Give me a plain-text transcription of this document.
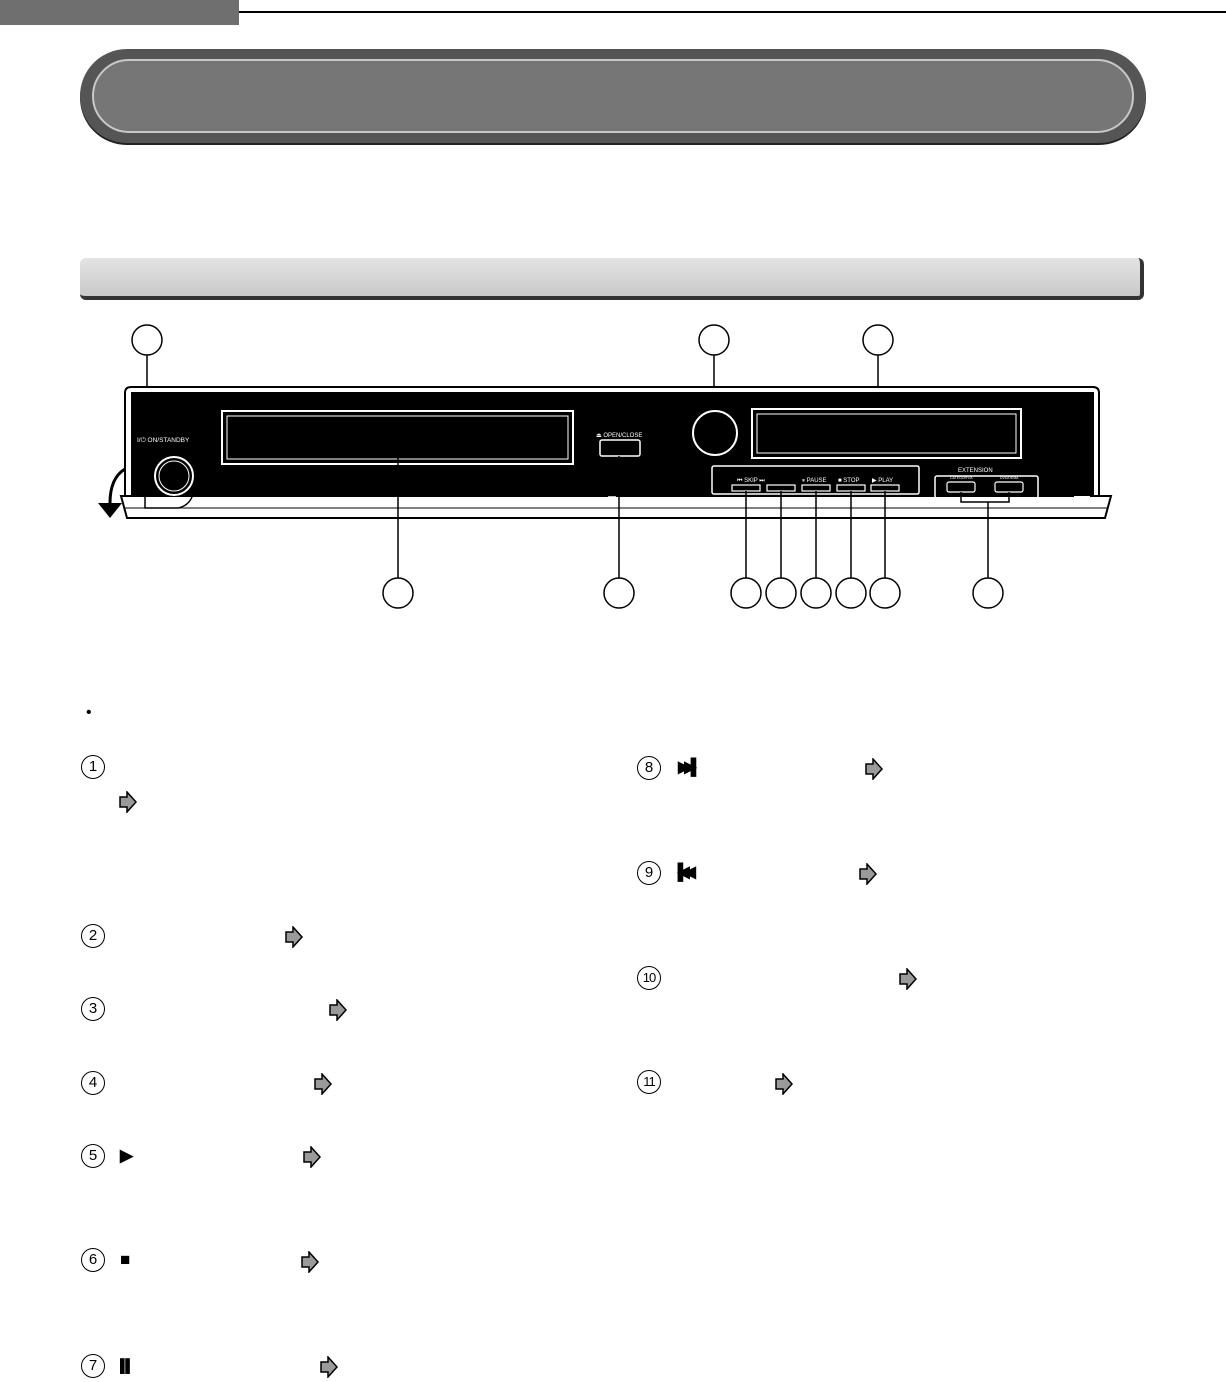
I/⏻ ON/STANDBY
⏏ OPEN/CLOSE
⏮ SKIP ⏭	⏸ PAUSE ■ STOP ▶ PLAY
EXTENSION
CATEGORY/A	DVD/DEMA
•
1
2
3
4
5	▶
6	■
7	▌▌
8	▶▶▌
9	▐◀◀
10
11
